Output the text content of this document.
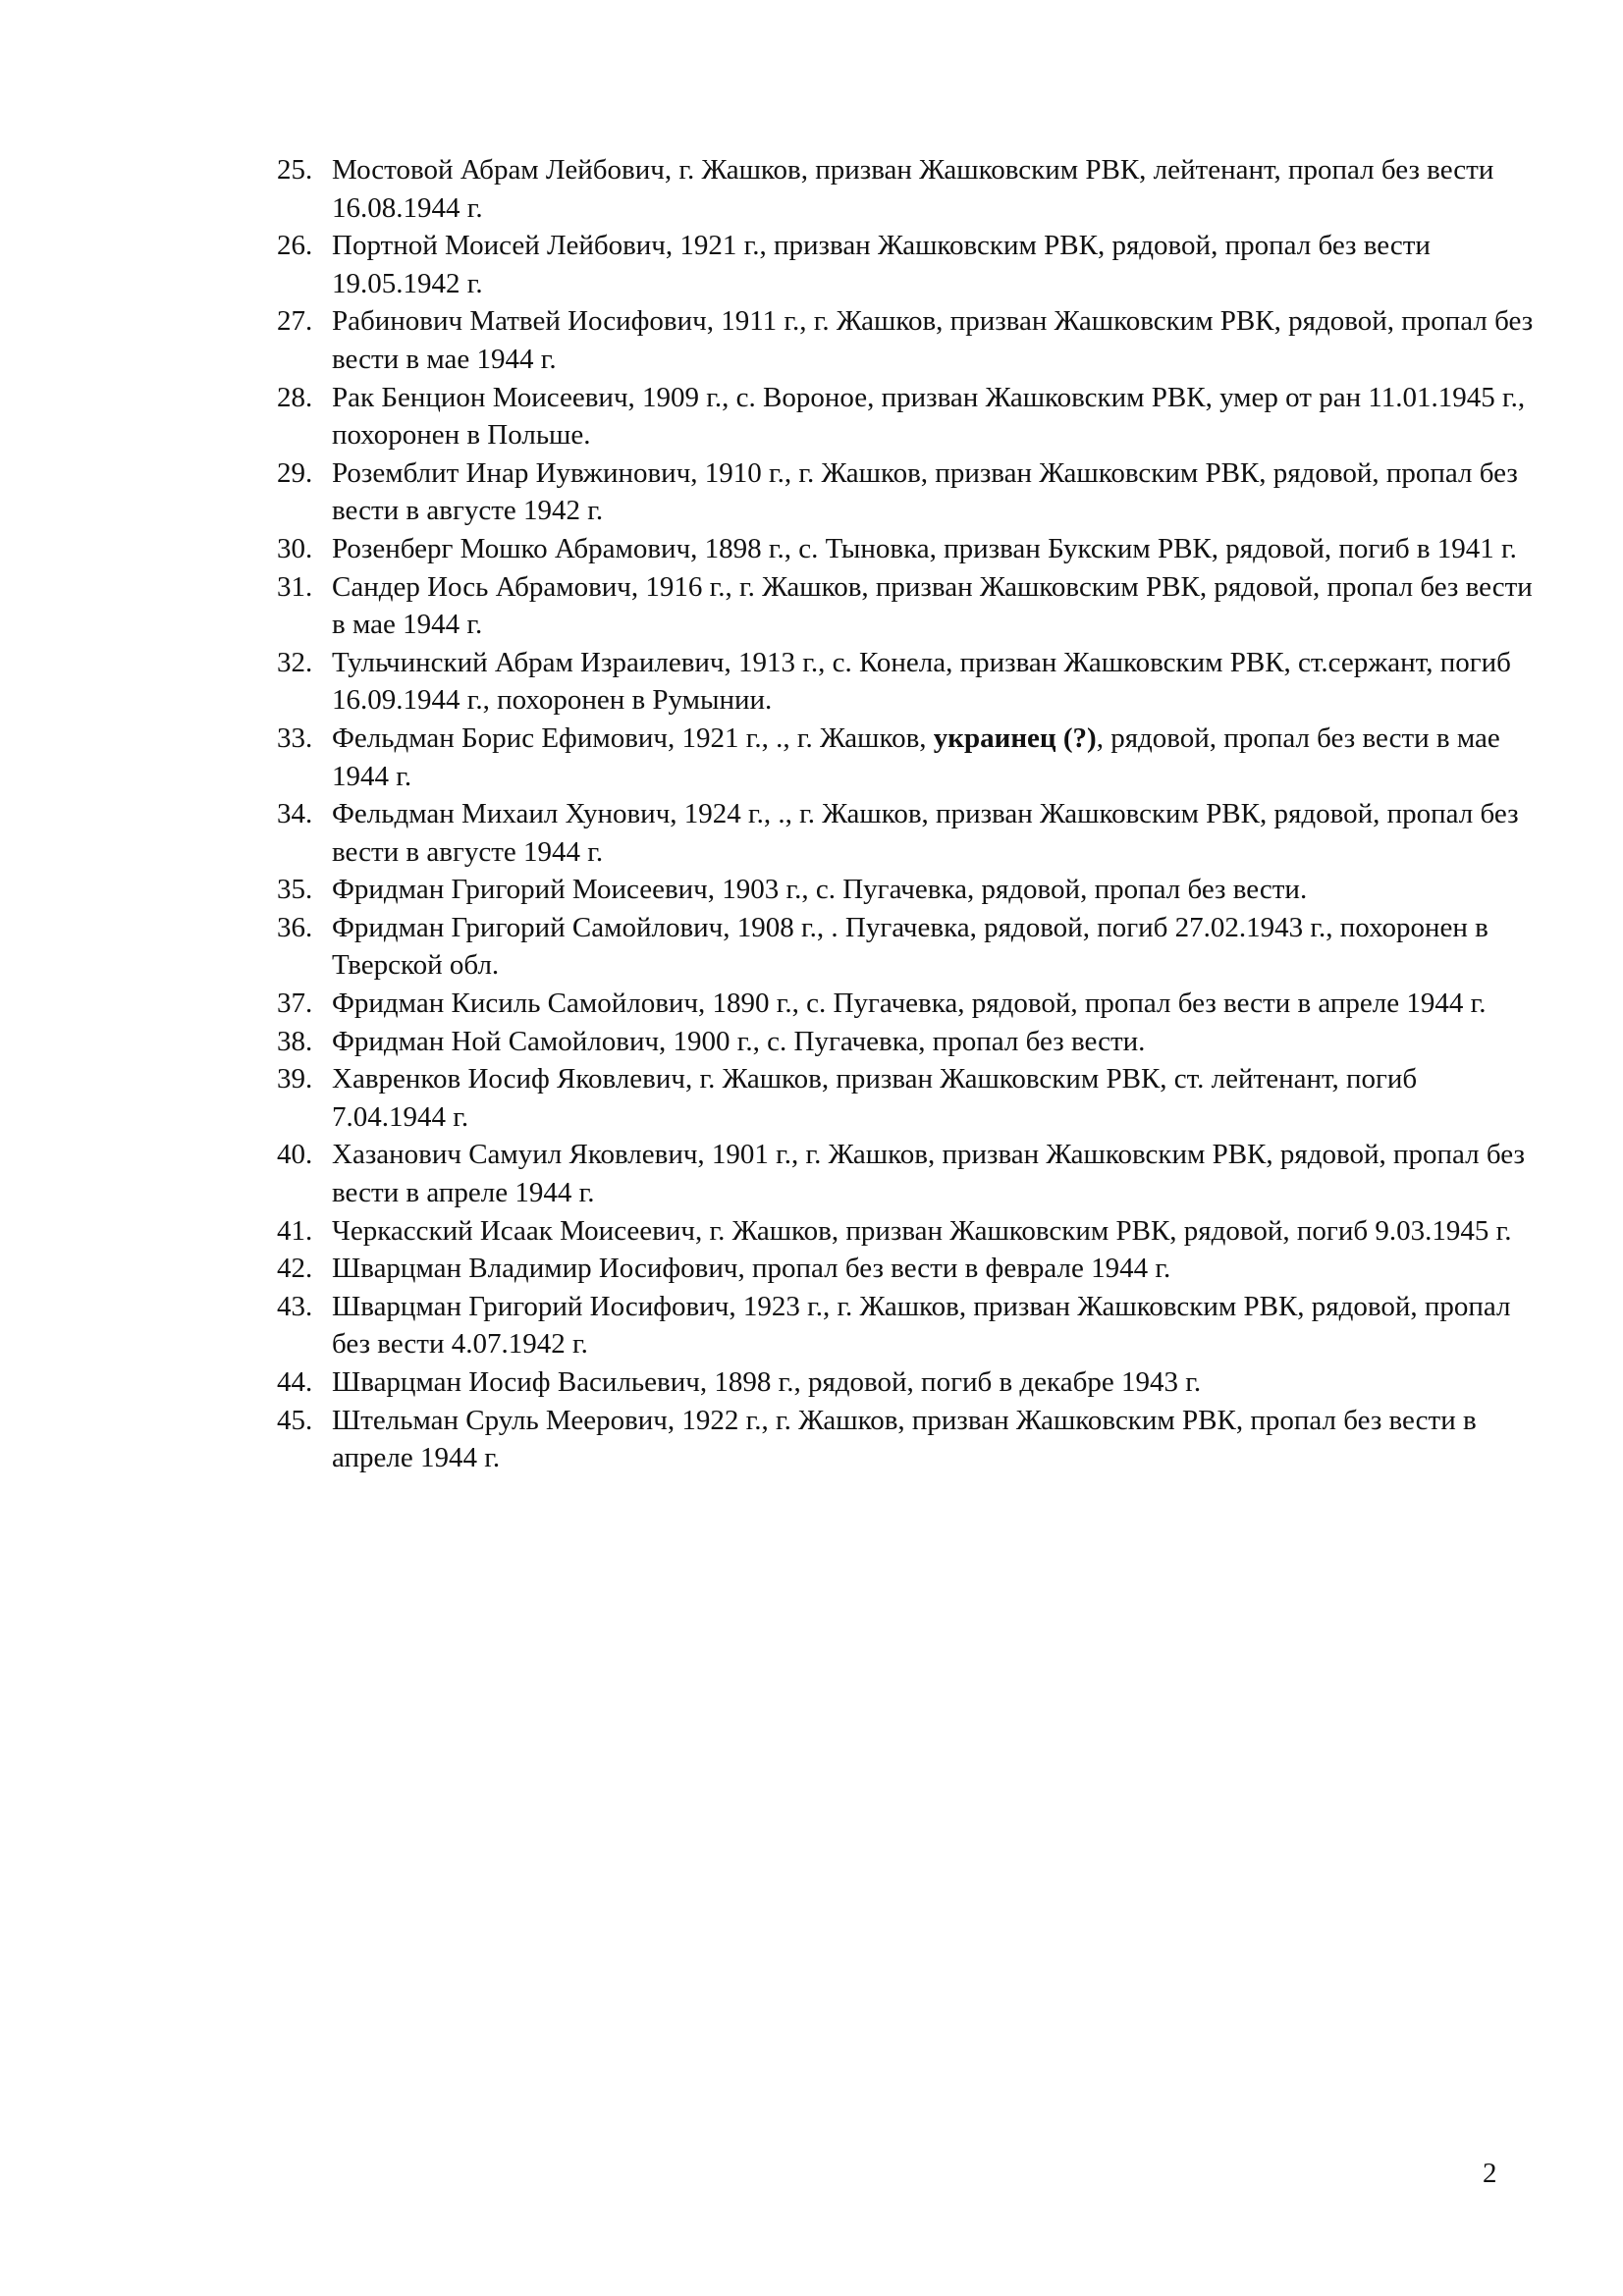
25. Мостовой Абрам Лейбович, г. Жашков, призван Жашковским РВК, лейтенант, пропал без вести 16.08.1944 г.
26. Портной Моисей Лейбович, 1921 г., призван Жашковским РВК, рядовой, пропал без вести 19.05.1942 г.
27. Рабинович Матвей Иосифович, 1911 г., г. Жашков, призван Жашковским РВК, рядовой, пропал без вести в мае 1944 г.
28. Рак Бенцион Моисеевич, 1909 г., с. Вороное, призван Жашковским РВК, умер от ран 11.01.1945 г., похоронен в Польше.
29. Роземблит Инар Иувжинович, 1910 г., г. Жашков, призван Жашковским РВК, рядовой, пропал без вести в августе 1942 г.
30. Розенберг Мошко Абрамович, 1898 г., с. Тыновка, призван Букским РВК, рядовой, погиб в 1941 г.
31. Сандер Иось Абрамович, 1916 г., г. Жашков, призван Жашковским РВК, рядовой, пропал без вести в мае 1944 г.
32. Тульчинский Абрам Израилевич, 1913 г., с. Конела, призван Жашковским РВК, ст.сержант, погиб 16.09.1944 г., похоронен в Румынии.
33. Фельдман Борис Ефимович, 1921 г., ., г. Жашков, украинец (?), рядовой, пропал без вести в мае 1944 г.
34. Фельдман Михаил Хунович, 1924 г., ., г. Жашков, призван Жашковским РВК, рядовой, пропал без вести в августе 1944 г.
35. Фридман Григорий Моисеевич, 1903 г., с. Пугачевка, рядовой, пропал без вести.
36. Фридман Григорий Самойлович, 1908 г., . Пугачевка, рядовой, погиб 27.02.1943 г., похоронен в Тверской обл.
37. Фридман Кисиль Самойлович, 1890 г., с. Пугачевка, рядовой, пропал без вести в апреле 1944 г.
38. Фридман Ной Самойлович, 1900 г., с. Пугачевка, пропал без вести.
39. Хавренков Иосиф Яковлевич, г. Жашков, призван Жашковским РВК, ст. лейтенант, погиб 7.04.1944 г.
40. Хазанович Самуил Яковлевич, 1901 г., г. Жашков, призван Жашковским РВК, рядовой, пропал без вести в апреле 1944 г.
41. Черкасский Исаак Моисеевич, г. Жашков, призван Жашковским РВК, рядовой, погиб 9.03.1945 г.
42. Шварцман Владимир Иосифович, пропал без вести в феврале 1944 г.
43. Шварцман Григорий Иосифович, 1923 г., г. Жашков, призван Жашковским РВК, рядовой, пропал без вести 4.07.1942 г.
44. Шварцман Иосиф Васильевич, 1898 г., рядовой, погиб в декабре 1943 г.
45. Штельман Сруль Меерович, 1922 г., г. Жашков, призван Жашковским РВК, пропал без вести в апреле 1944 г.
2
